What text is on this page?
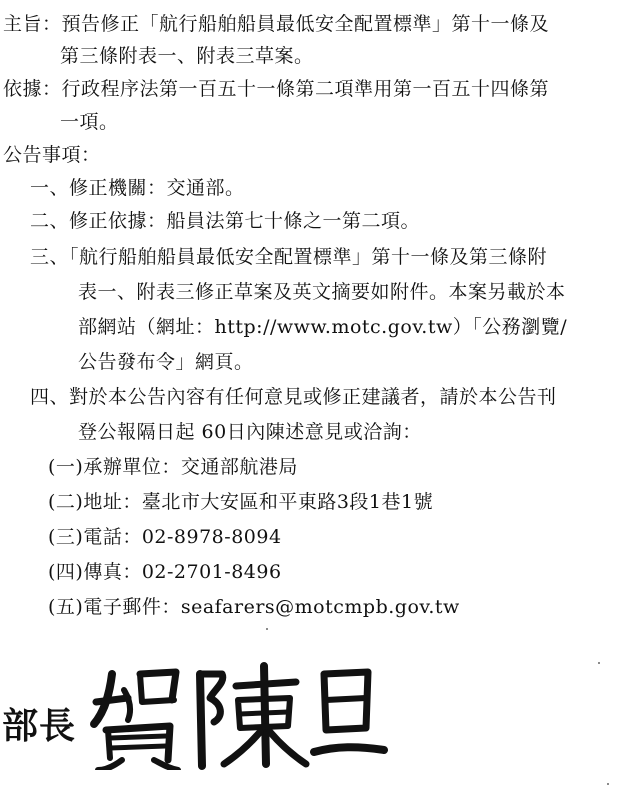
主旨：預告修正「航行船舶船員最低安全配置標準」第十一條及
第三條附表一、附表三草案。
依據：行政程序法第一百五十一條第二項準用第一百五十四條第
一項。
公告事項：
一、修正機關：交通部。
二、修正依據：船員法第七十條之一第二項。
三、「航行船舶船員最低安全配置標準」第十一條及第三條附
表一、附表三修正草案及英文摘要如附件。本案另載於本
部網站（網址：http://www.motc.gov.tw）「公務瀏覽/
公告發布令」網頁。
四、對於本公告內容有任何意見或修正建議者，請於本公告刊
登公報隔日起 60日內陳述意見或洽詢：
(一)承辦單位：交通部航港局
(二)地址：臺北市大安區和平東路3段1巷1號
(三)電話：02-8978-8094
(四)傳真：02-2701-8496
(五)電子郵件：seafarers@motcmpb.gov.tw
部長
